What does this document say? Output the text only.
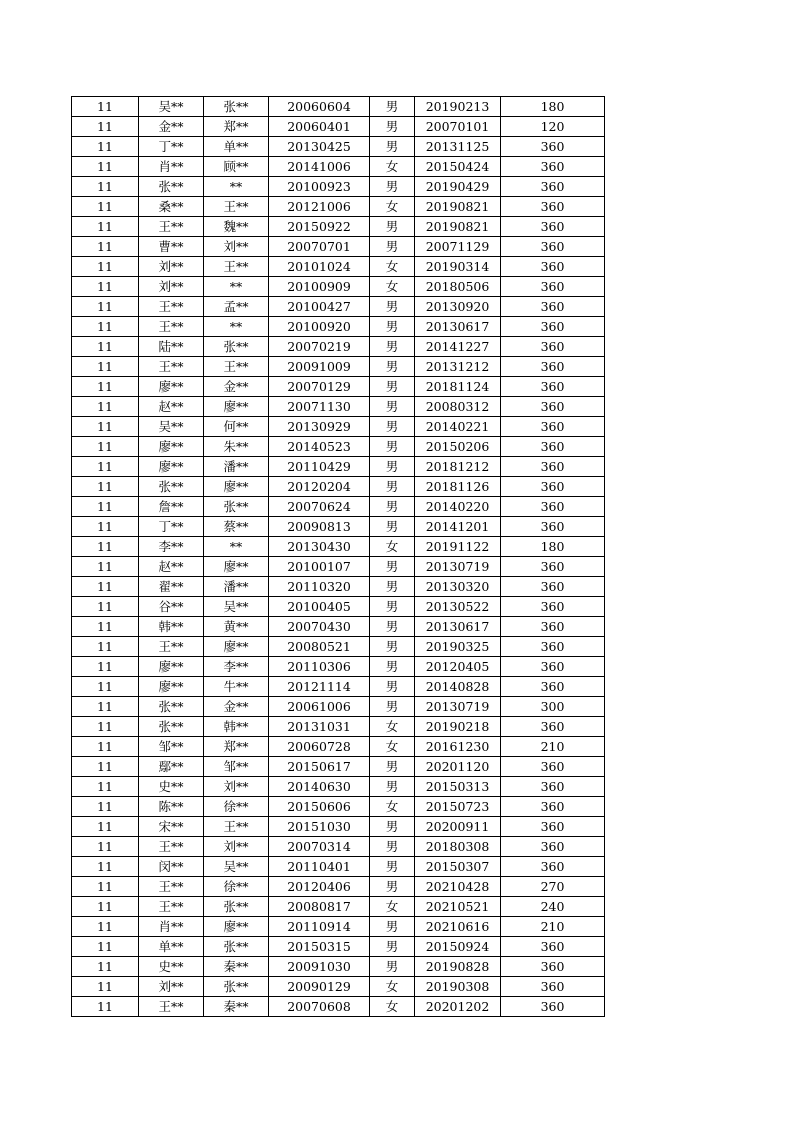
11	吴**	张**	20060604	男	20190213	180
11	金**	郑**	20060401	男	20070101	120
11	丁**	单**	20130425	男	20131125	360
11	肖**	顾**	20141006	女	20150424	360
11	张**	**	20100923	男	20190429	360
11	桑**	王**	20121006	女	20190821	360
11	王**	魏**	20150922	男	20190821	360
11	曹**	刘**	20070701	男	20071129	360
11	刘**	王**	20101024	女	20190314	360
11	刘**	**	20100909	女	20180506	360
11	王**	孟**	20100427	男	20130920	360
11	王**	**	20100920	男	20130617	360
11	陆**	张**	20070219	男	20141227	360
11	王**	王**	20091009	男	20131212	360
11	廖**	金**	20070129	男	20181124	360
11	赵**	廖**	20071130	男	20080312	360
11	吴**	何**	20130929	男	20140221	360
11	廖**	朱**	20140523	男	20150206	360
11	廖**	潘**	20110429	男	20181212	360
11	张**	廖**	20120204	男	20181126	360
11	詹**	张**	20070624	男	20140220	360
11	丁**	蔡**	20090813	男	20141201	360
11	李**	**	20130430	女	20191122	180
11	赵**	廖**	20100107	男	20130719	360
11	翟**	潘**	20110320	男	20130320	360
11	谷**	吴**	20100405	男	20130522	360
11	韩**	黄**	20070430	男	20130617	360
11	王**	廖**	20080521	男	20190325	360
11	廖**	李**	20110306	男	20120405	360
11	廖**	牛**	20121114	男	20140828	360
11	张**	金**	20061006	男	20130719	300
11	张**	韩**	20131031	女	20190218	360
11	邹**	郑**	20060728	女	20161230	210
11	鄢**	邹**	20150617	男	20201120	360
11	史**	刘**	20140630	男	20150313	360
11	陈**	徐**	20150606	女	20150723	360
11	宋**	王**	20151030	男	20200911	360
11	王**	刘**	20070314	男	20180308	360
11	闵**	吴**	20110401	男	20150307	360
11	王**	徐**	20120406	男	20210428	270
11	王**	张**	20080817	女	20210521	240
11	肖**	廖**	20110914	男	20210616	210
11	单**	张**	20150315	男	20150924	360
11	史**	秦**	20091030	男	20190828	360
11	刘**	张**	20090129	女	20190308	360
11	王**	秦**	20070608	女	20201202	360
